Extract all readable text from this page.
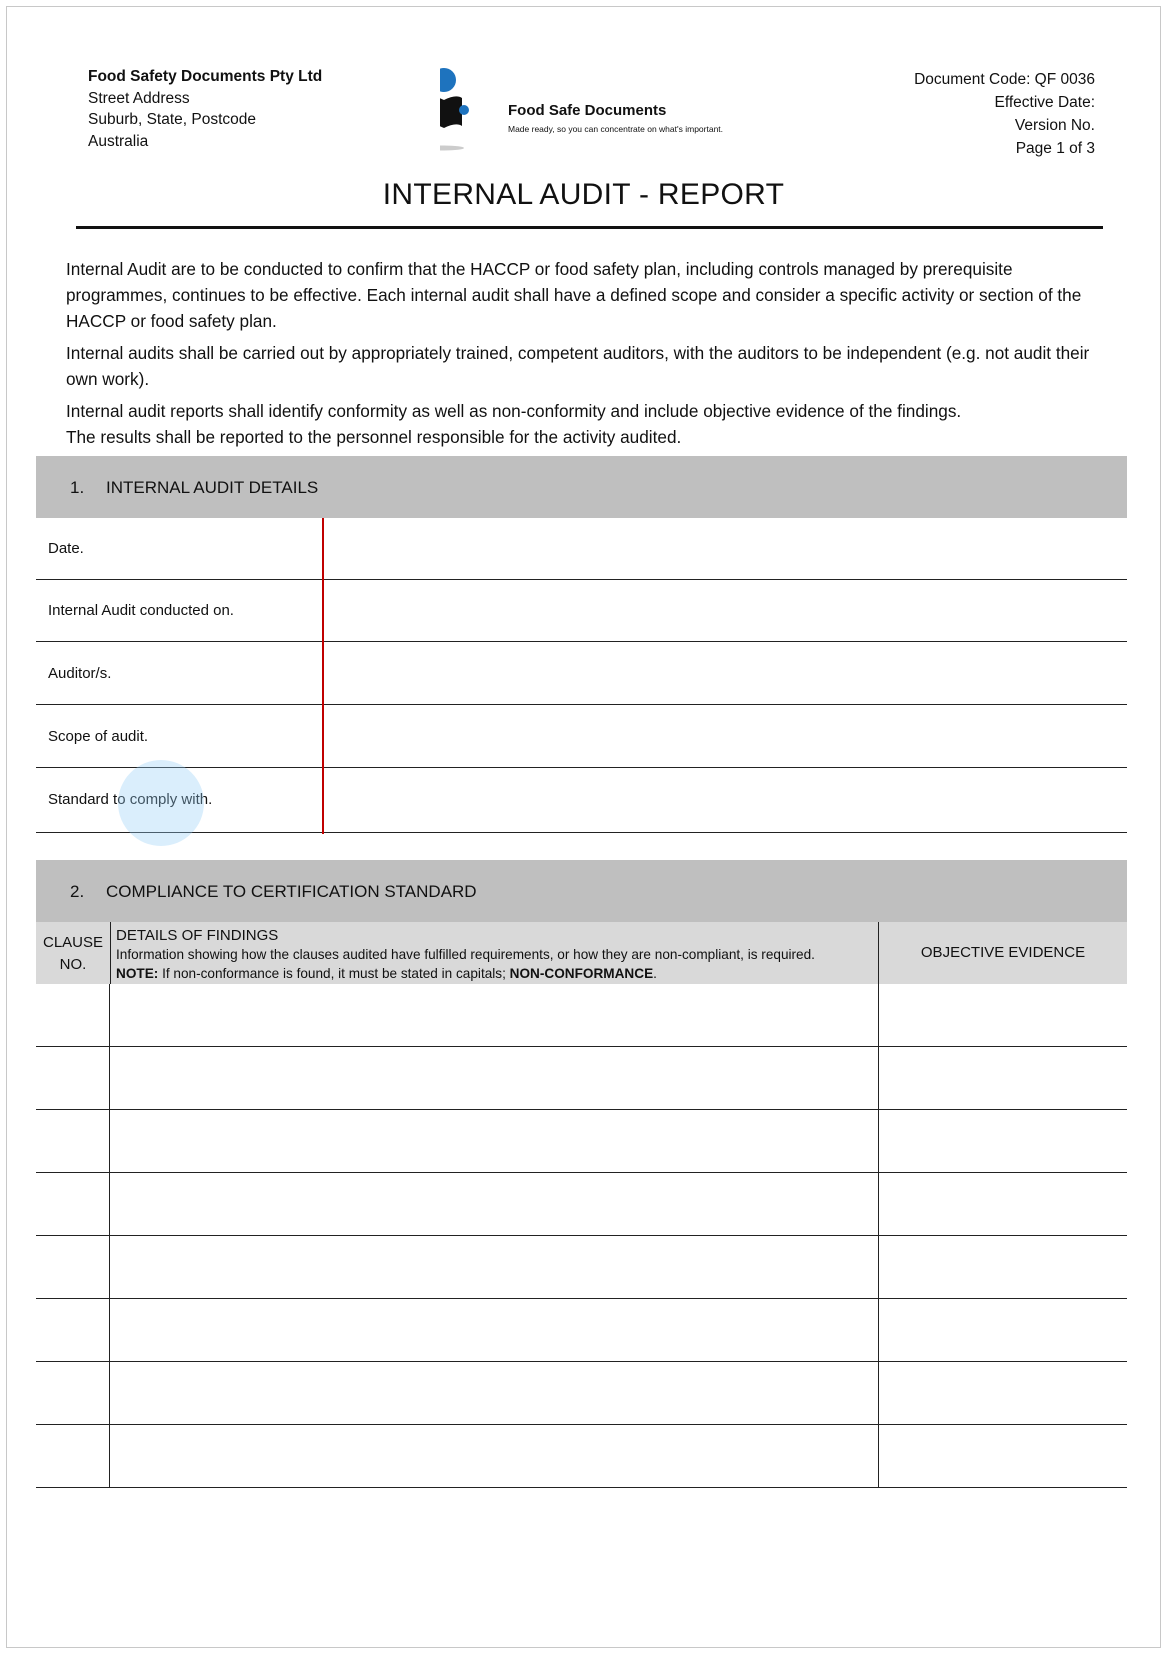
Food Safety Documents Pty Ltd
Street Address
Suburb, State, Postcode
Australia
Food Safe Documents
Made ready, so you can concentrate on what's important.
Document Code: QF 0036
Effective Date:
Version No.
Page 1 of 3
INTERNAL AUDIT - REPORT

Internal Audit are to be conducted to confirm that the HACCP or food safety plan, including controls managed by prerequisite programmes, continues to be effective. Each internal audit shall have a defined scope and consider a specific activity or section of the HACCP or food safety plan.

Internal audits shall be carried out by appropriately trained, competent auditors, with the auditors to be independent (e.g. not audit their own work).

Internal audit reports shall identify conformity as well as non-conformity and include objective evidence of the findings.

The results shall be reported to the personnel responsible for the activity audited.

1. INTERNAL AUDIT DETAILS
Date.
Internal Audit conducted on.
Auditor/s.
Scope of audit.
Standard to comply with.
2. COMPLIANCE TO CERTIFICATION STANDARD
CLAUSE
NO.
DETAILS OF FINDINGS
Information showing how the clauses audited have fulfilled requirements, or how they are non-compliant, is required.
NOTE: If non-conformance is found, it must be stated in capitals; NON-CONFORMANCE.
OBJECTIVE EVIDENCE
